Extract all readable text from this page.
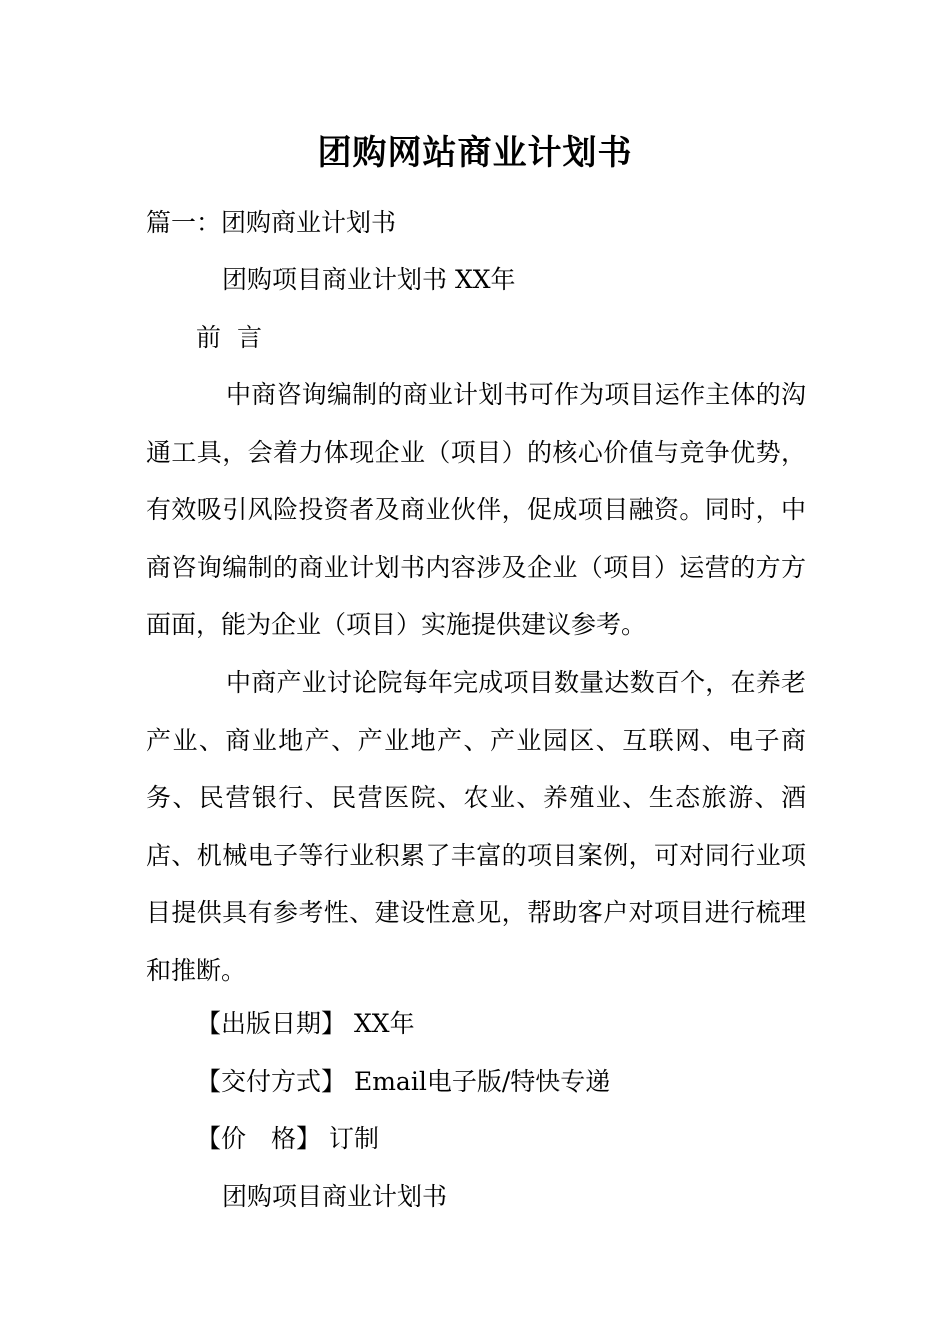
团购网站商业计划书
篇一：团购商业计划书
团购项目商业计划书 XX年
前 言

中商咨询编制的商业计划书可作为项目运作主体的沟通工具，会着力体现企业（项目）的核心价值与竞争优势，有效吸引风险投资者及商业伙伴，促成项目融资。同时，中商咨询编制的商业计划书内容涉及企业（项目）运营的方方面面，能为企业（项目）实施提供建议参考。

中商产业讨论院每年完成项目数量达数百个，在养老产业、商业地产、产业地产、产业园区、互联网、电子商务、民营银行、民营医院、农业、养殖业、生态旅游、酒店、机械电子等行业积累了丰富的项目案例，可对同行业项目提供具有参考性、建设性意见，帮助客户对项目进行梳理和推断。

【出版日期】 XX年
【交付方式】 Email电子版/特快专递
【价　格】 订制
团购项目商业计划书
